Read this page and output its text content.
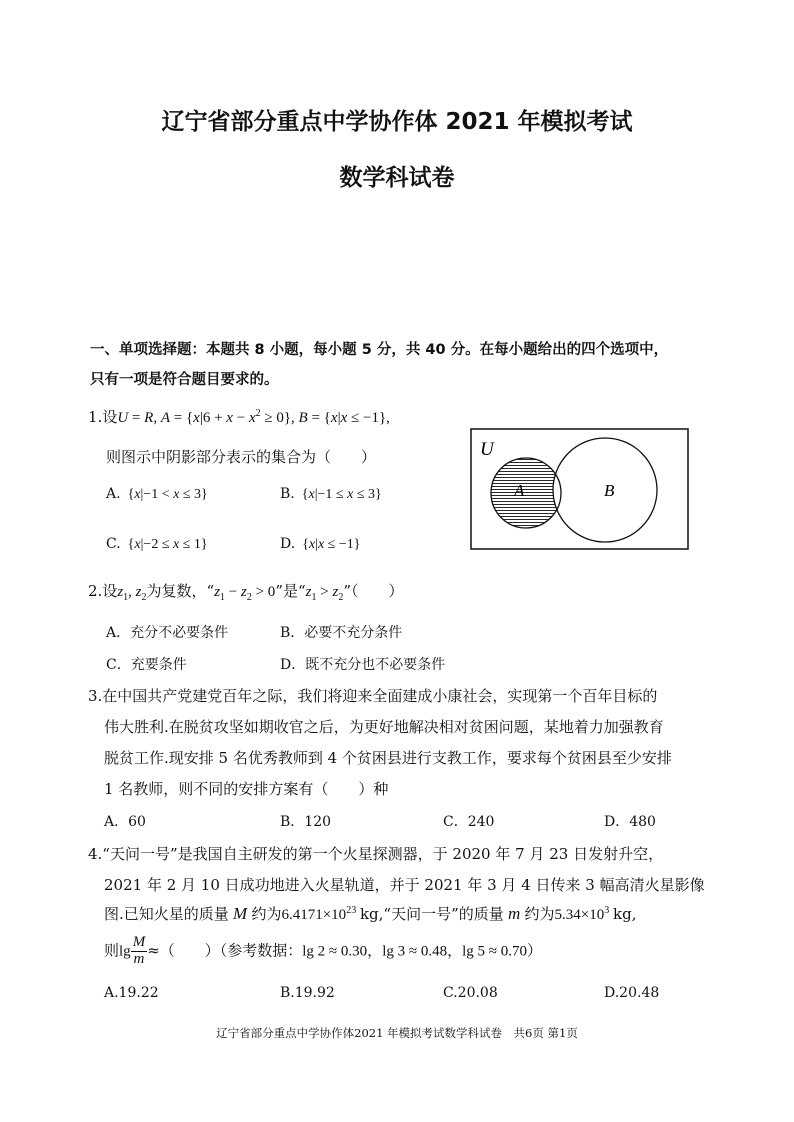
辽宁省部分重点中学协作体 2021 年模拟考试
数学科试卷
一、单项选择题：本题共 8 小题，每小题 5 分，共 40 分。在每小题给出的四个选项中，
只有一项是符合题目要求的。
1.设U = R, $A = \{x|6 + x - x^2 \ge 0\}$, B = {x|x ≤ −1},
则图示中阴影部分表示的集合为（　　）
A.  {x|−1 < x ≤ 3}	B.  {x|−1 ≤ x ≤ 3}
C.  {x|−2 ≤ x ≤ 1}	D.  {x|x ≤ −1}
U
A	B
2.设$z_1$, $z_2$为复数，“$z_1 - z_2 > 0$”是“$z_1$ > $z_2$”（　　）
A．充分不必要条件	B．必要不充分条件
C．充要条件	D．既不充分也不必要条件
3.在中国共产党建党百年之际，我们将迎来全面建成小康社会，实现第一个百年目标的
伟大胜利.在脱贫攻坚如期收官之后，为更好地解决相对贫困问题，某地着力加强教育
脱贫工作.现安排 5 名优秀教师到 4 个贫困县进行支教工作，要求每个贫困县至少安排
1 名教师，则不同的安排方案有（　　）种
A．60	B．120	C．240	D．480
4.“天问一号”是我国自主研发的第一个火星探测器，于 2020 年 7 月 23 日发射升空，
2021 年 2 月 10 日成功地进入火星轨道，并于 2021 年 3 月 4 日传来 3 幅高清火星影像
图.已知火星的质量 M 约为$6.4171\times 10^{23}$ kg,“天问一号”的质量 m 约为$5.34\times 10^3$ kg,
则$\lg \frac{M}{m}$ ≈（　　）（参考数据：lg 2 ≈ 0.30，lg 3 ≈ 0.48，lg 5 ≈ 0.70）
A.19.22	B.19.92	C.20.08	D.20.48
辽宁省部分重点中学协作体2021 年模拟考试数学科试卷　共6页 第1页
